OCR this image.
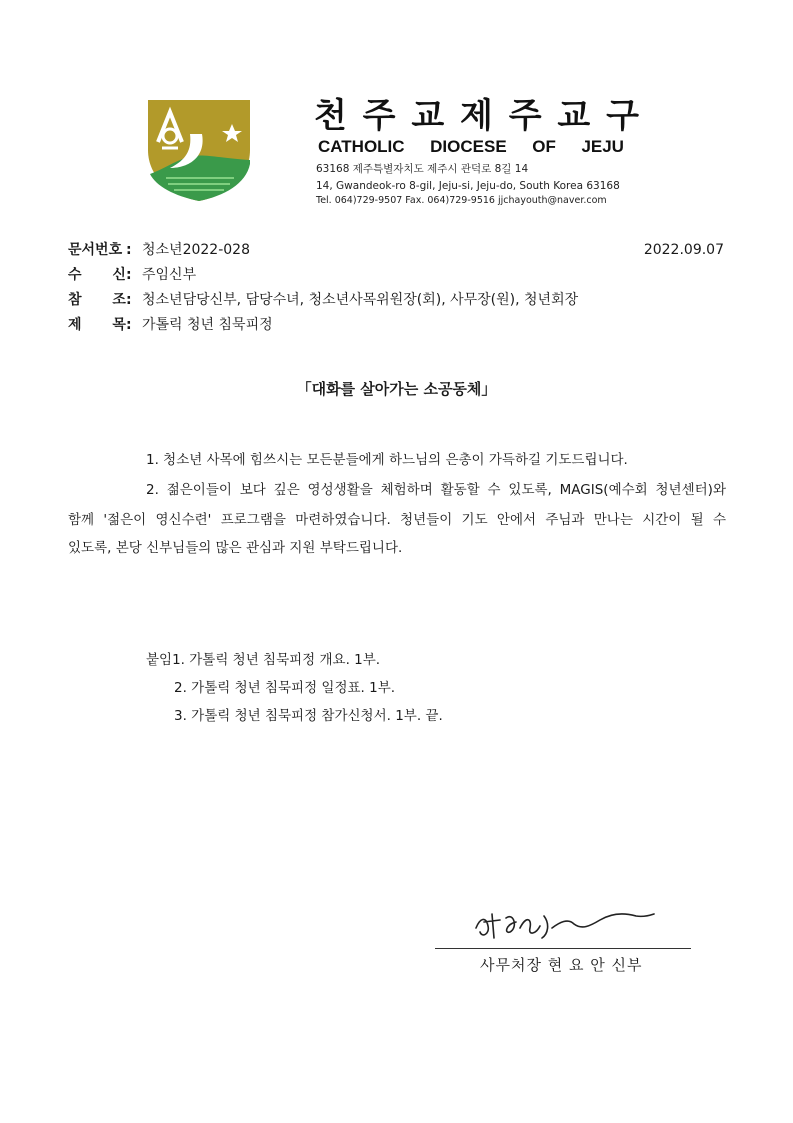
천 주 교 제 주 교 구
CATHOLIC DIOCESE OF JEJU
63168 제주특별자치도 제주시 관덕로 8길 14
14, Gwandeok-ro 8-gil, Jeju-si, Jeju-do, South Korea 63168
Tel. 064)729-9507 Fax. 064)729-9516 jjchayouth@naver.com
문서번호 : 청소년2022-028	2022.09.07
수 신 : 주임신부
참 조 : 청소년담당신부, 담당수녀, 청소년사목위원장(회), 사무장(원), 청년회장
제 목 : 가톨릭 청년 침묵피정
「대화를 살아가는 소공동체」
1. 청소년 사목에 힘쓰시는 모든분들에게 하느님의 은총이 가득하길 기도드립니다.
2. 젊은이들이 보다 깊은 영성생활을 체험하며 활동할 수 있도록, MAGIS(예수회 청년센터)와
함께 '젊은이 영신수련' 프로그램을 마련하였습니다. 청년들이 기도 안에서 주님과 만나는 시간이 될 수
있도록, 본당 신부님들의 많은 관심과 지원 부탁드립니다.
붙임1. 가톨릭 청년 침묵피정 개요. 1부.
2. 가톨릭 청년 침묵피정 일정표. 1부.
3. 가톨릭 청년 침묵피정 참가신청서. 1부. 끝.
사무처장 현 요 안 신부
